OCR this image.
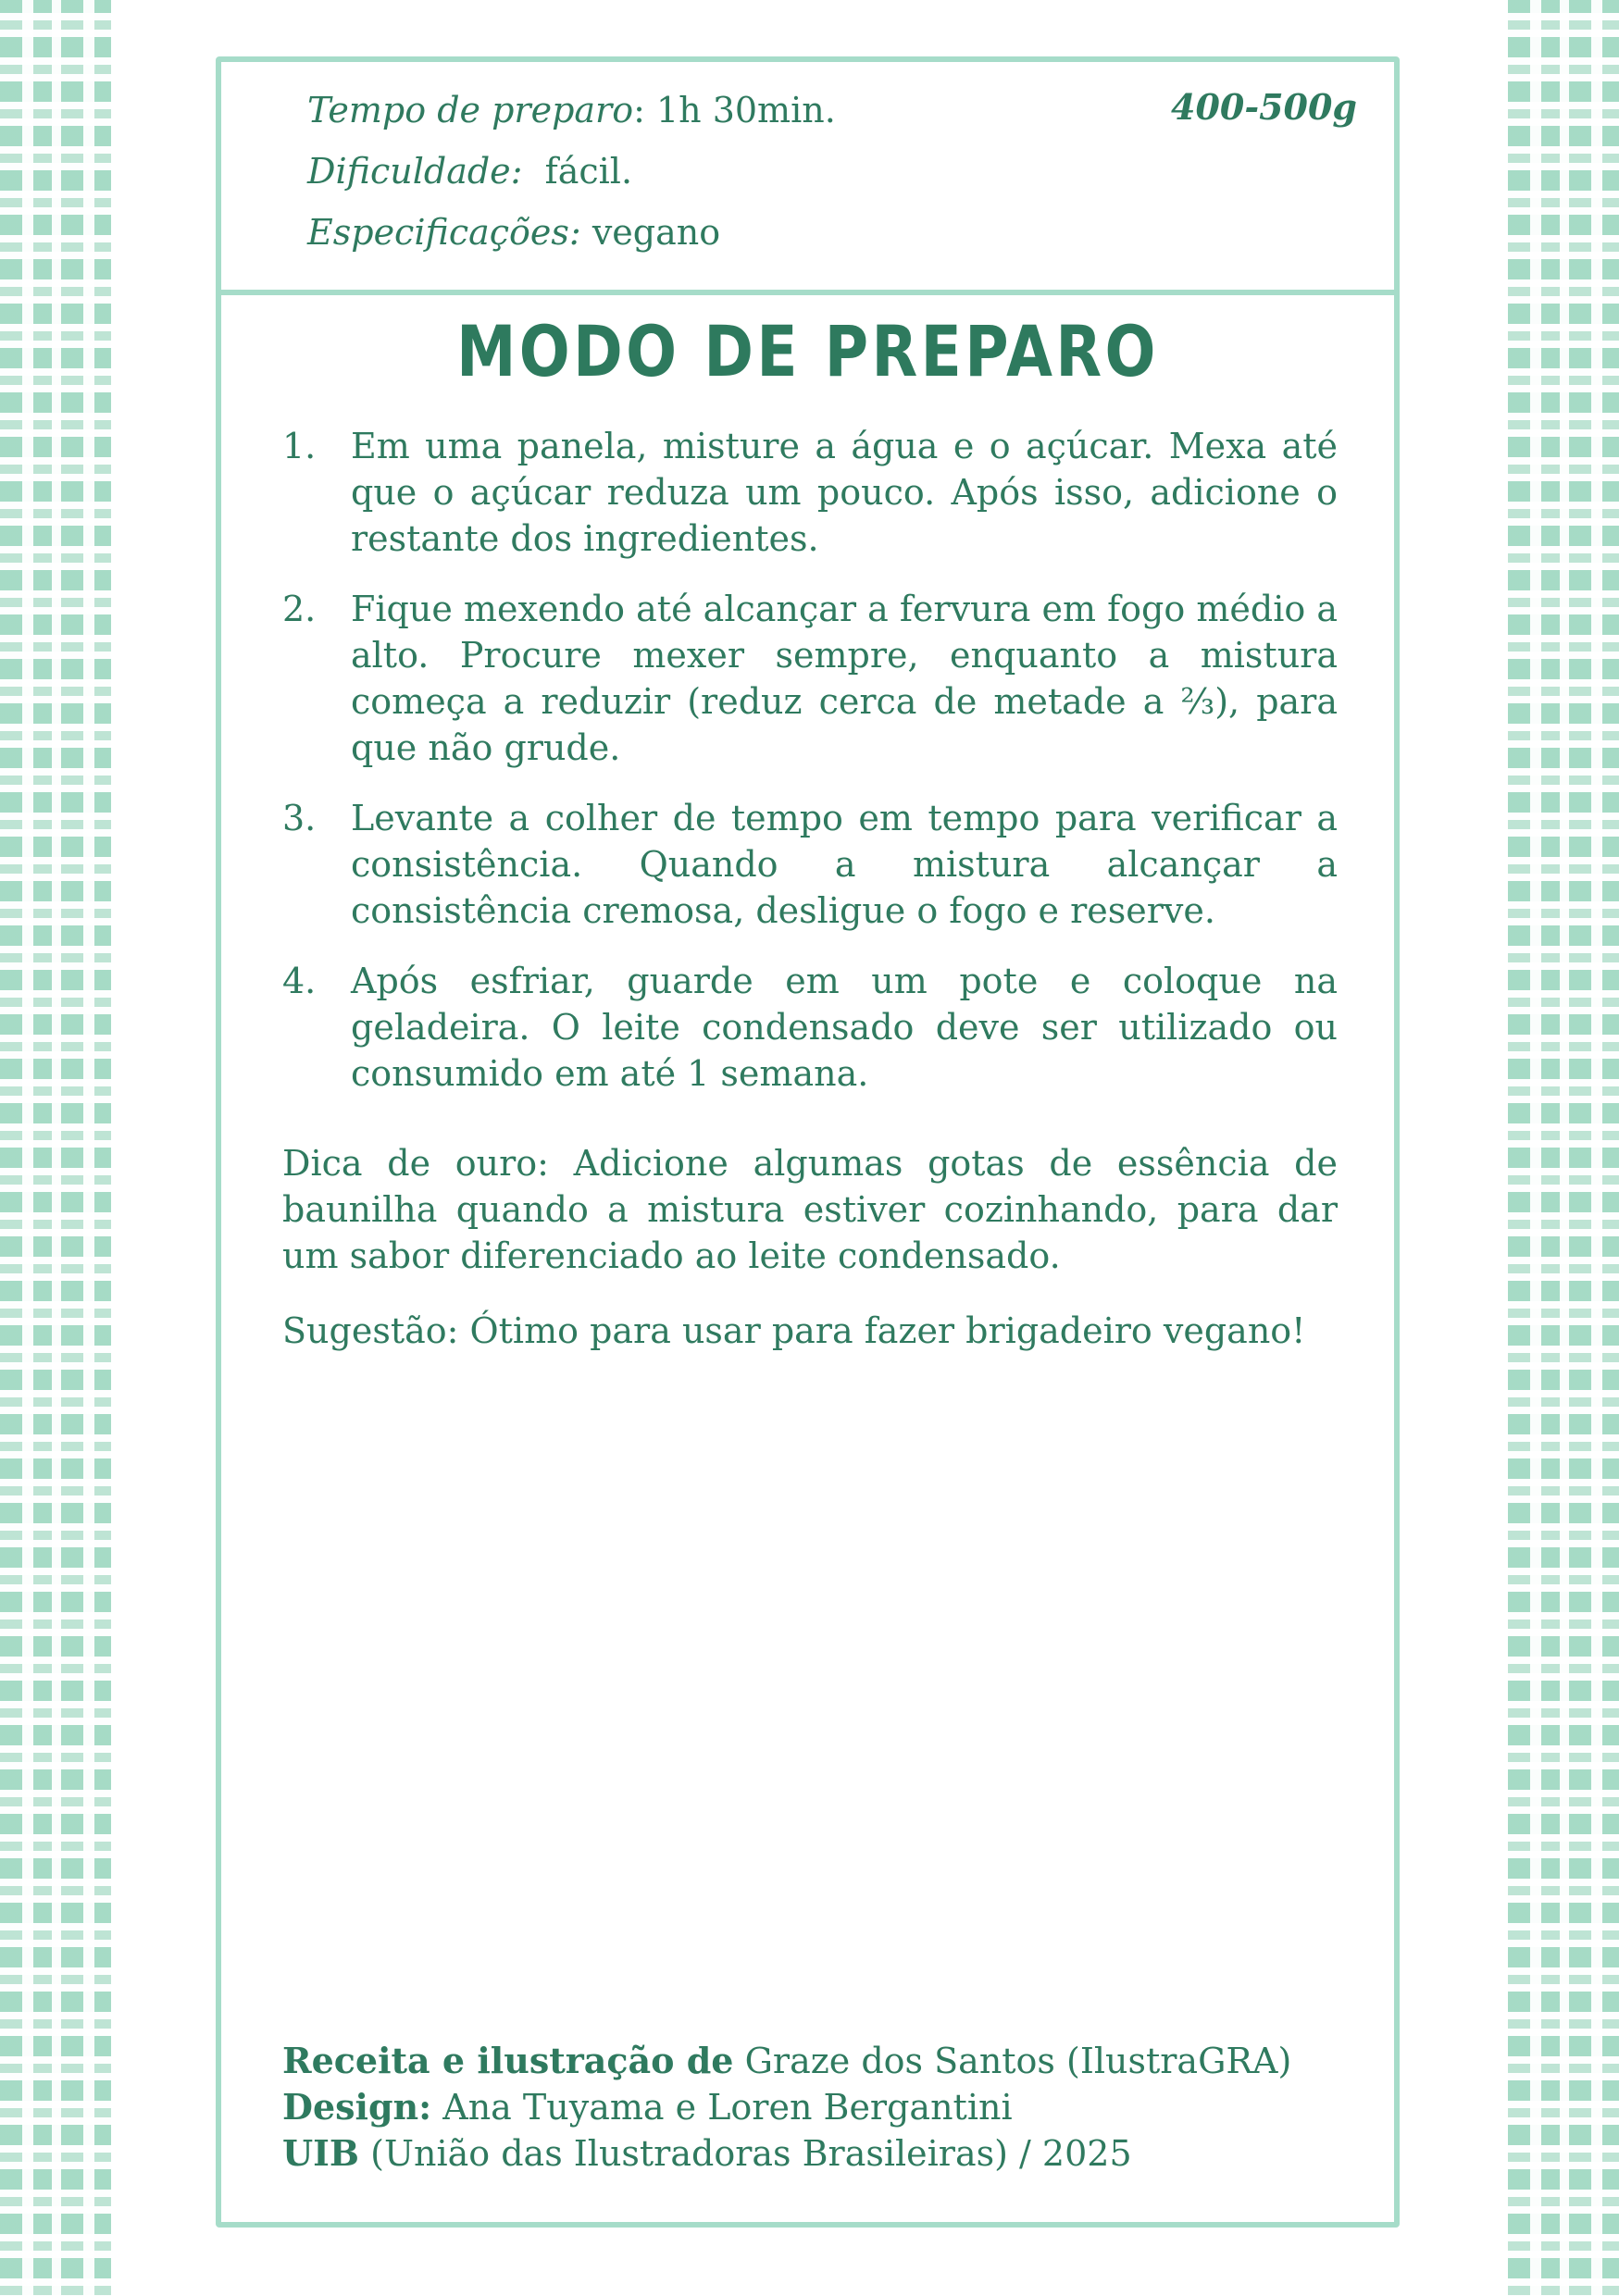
Tempo de preparo: 1h 30min.
Dificuldade: fácil.
Especificações: vegano
400-500g
MODO DE PREPARO
1. Em uma panela, misture a água e o açúcar. Mexa até que o açúcar reduza um pouco. Após isso, adicione o restante dos ingredientes.
2. Fique mexendo até alcançar a fervura em fogo médio a alto. Procure mexer sempre, enquanto a mistura começa a reduzir (reduz cerca de metade a ⅔), para que não grude.
3. Levante a colher de tempo em tempo para verificar a consistência. Quando a mistura alcançar a consistência cremosa, desligue o fogo e reserve.
4. Após esfriar, guarde em um pote e coloque na geladeira. O leite condensado deve ser utilizado ou consumido em até 1 semana.

Dica de ouro: Adicione algumas gotas de essência de baunilha quando a mistura estiver cozinhando, para dar um sabor diferenciado ao leite condensado.

Sugestão: Ótimo para usar para fazer brigadeiro vegano!

Receita e ilustração de Graze dos Santos (IlustraGRA)
Design: Ana Tuyama e Loren Bergantini
UIB (União das Ilustradoras Brasileiras) / 2025
